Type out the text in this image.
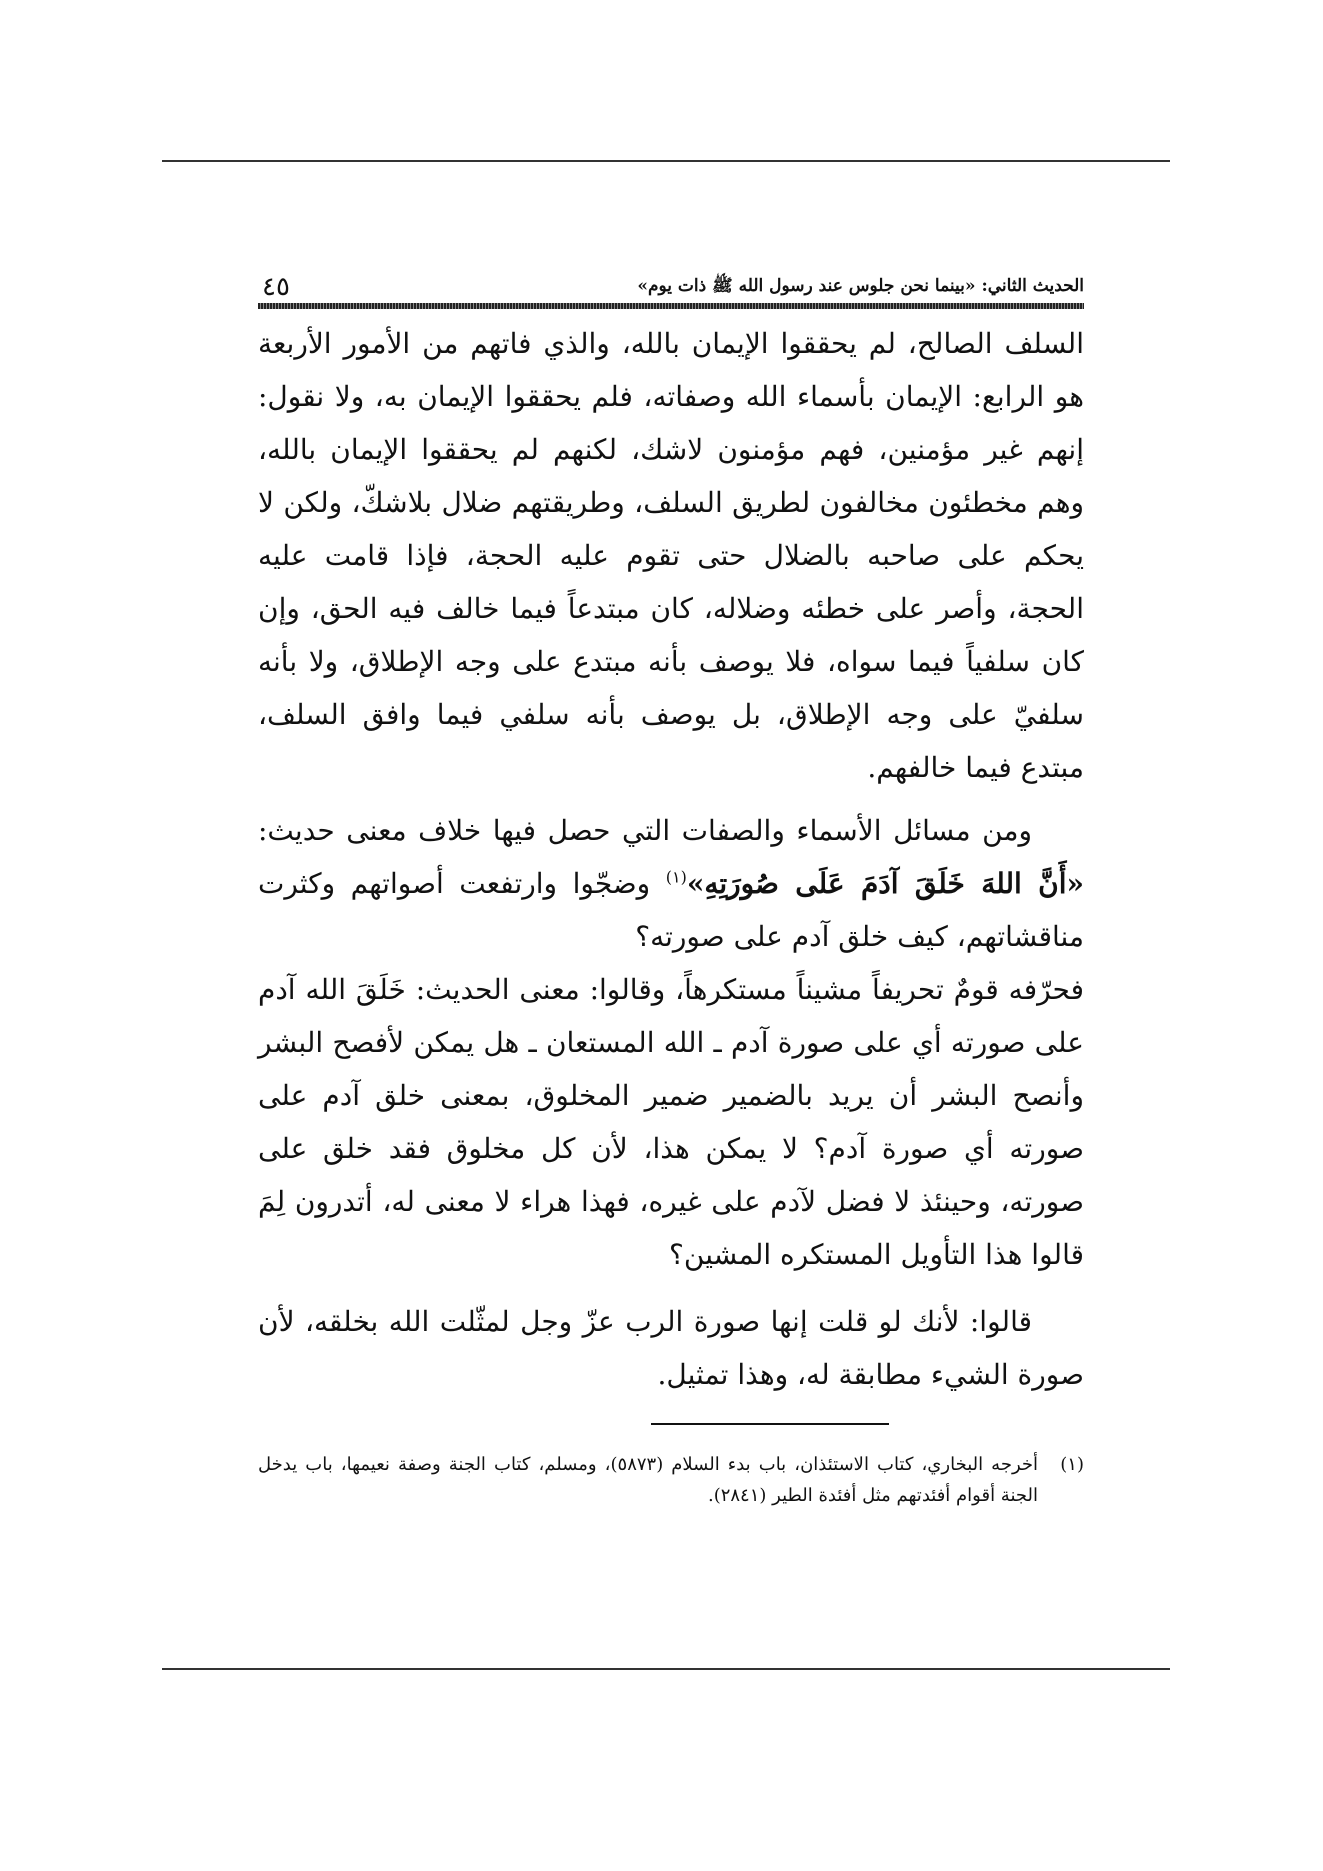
الحديث الثاني: «بينما نحن جلوس عند رسول الله ﷺ ذات يوم»
٤٥

السلف الصالح، لم يحققوا الإيمان بالله، والذي فاتهم من الأمور الأربعة هو الرابع: الإيمان بأسماء الله وصفاته، فلم يحققوا الإيمان به، ولا نقول: إنهم غير مؤمنين، فهم مؤمنون لاشك، لكنهم لم يحققوا الإيمان بالله، وهم مخطئون مخالفون لطريق السلف، وطريقتهم ضلال بلاشكّ، ولكن لا يحكم على صاحبه بالضلال حتى تقوم عليه الحجة، فإذا قامت عليه الحجة، وأصر على خطئه وضلاله، كان مبتدعاً فيما خالف فيه الحق، وإن كان سلفياً فيما سواه، فلا يوصف بأنه مبتدع على وجه الإطلاق، ولا بأنه سلفيّ على وجه الإطلاق، بل يوصف بأنه سلفي فيما وافق السلف، مبتدع فيما خالفهم.

ومن مسائل الأسماء والصفات التي حصل فيها خلاف معنى حديث: «أَنَّ اللهَ خَلَقَ آدَمَ عَلَى صُورَتِهِ»$^{(١)}$ وضجّوا وارتفعت أصواتهم وكثرت مناقشاتهم، كيف خلق آدم على صورته؟

فحرّفه قومٌ تحريفاً مشيناً مستكرهاً، وقالوا: معنى الحديث: خَلَقَ الله آدم على صورته أي على صورة آدم ـ الله المستعان ـ هل يمكن لأفصح البشر وأنصح البشر أن يريد بالضمير ضمير المخلوق، بمعنى خلق آدم على صورته أي صورة آدم؟ لا يمكن هذا، لأن كل مخلوق فقد خلق على صورته، وحينئذ لا فضل لآدم على غيره، فهذا هراء لا معنى له، أتدرون لِمَ قالوا هذا التأويل المستكره المشين؟

قالوا: لأنك لو قلت إنها صورة الرب عزّ وجل لمثّلت الله بخلقه، لأن صورة الشيء مطابقة له، وهذا تمثيل.

(١)
أخرجه البخاري، كتاب الاستئذان، باب بدء السلام (٥٨٧٣)، ومسلم، كتاب الجنة وصفة نعيمها، باب يدخل الجنة أقوام أفئدتهم مثل أفئدة الطير (٢٨٤١).
